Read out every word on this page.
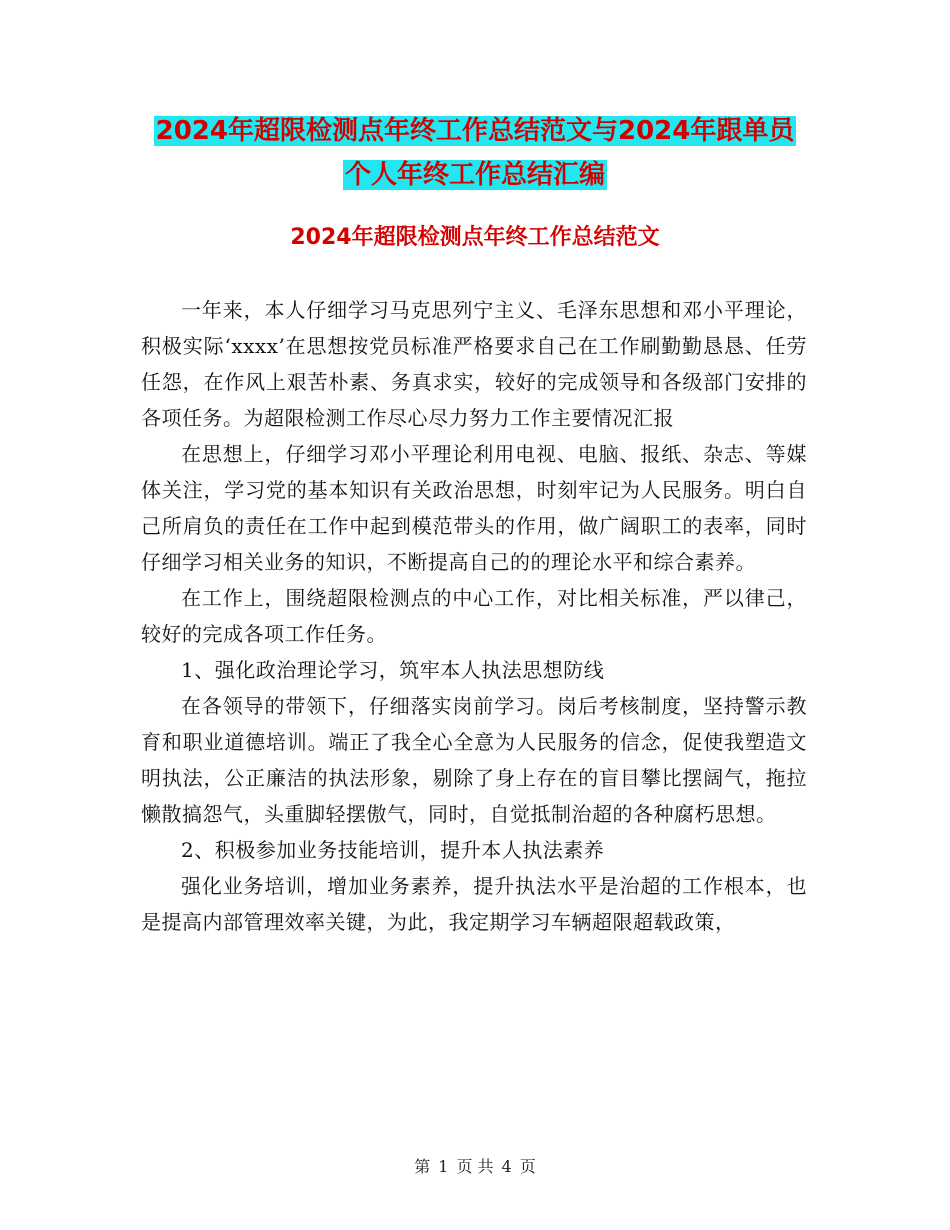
2024年超限检测点年终工作总结范文与2024年跟单员
个人年终工作总结汇编
2024年超限检测点年终工作总结范文

一年来，本人仔细学习马克思列宁主义、毛泽东思想和邓小平理论，积极实际‘xxxx’在思想按党员标准严格要求自己在工作刷勤勤恳恳、任劳任怨，在作风上艰苦朴素、务真求实，较好的完成领导和各级部门安排的各项任务。为超限检测工作尽心尽力努力工作主要情况汇报

在思想上，仔细学习邓小平理论利用电视、电脑、报纸、杂志、等媒体关注，学习党的基本知识有关政治思想，时刻牢记为人民服务。明白自己所肩负的责任在工作中起到模范带头的作用，做广阔职工的表率，同时仔细学习相关业务的知识，不断提高自己的的理论水平和综合素养。

在工作上，围绕超限检测点的中心工作，对比相关标准，严以律己，较好的完成各项工作任务。

1、强化政治理论学习，筑牢本人执法思想防线

在各领导的带领下，仔细落实岗前学习。岗后考核制度，坚持警示教育和职业道德培训。端正了我全心全意为人民服务的信念，促使我塑造文明执法，公正廉洁的执法形象，剔除了身上存在的盲目攀比摆阔气，拖拉懒散搞怨气，头重脚轻摆傲气，同时，自觉抵制治超的各种腐朽思想。

2、积极参加业务技能培训，提升本人执法素养

强化业务培训，增加业务素养，提升执法水平是治超的工作根本，也是提高内部管理效率关键，为此，我定期学习车辆超限超载政策，

第 1 页 共 4 页
